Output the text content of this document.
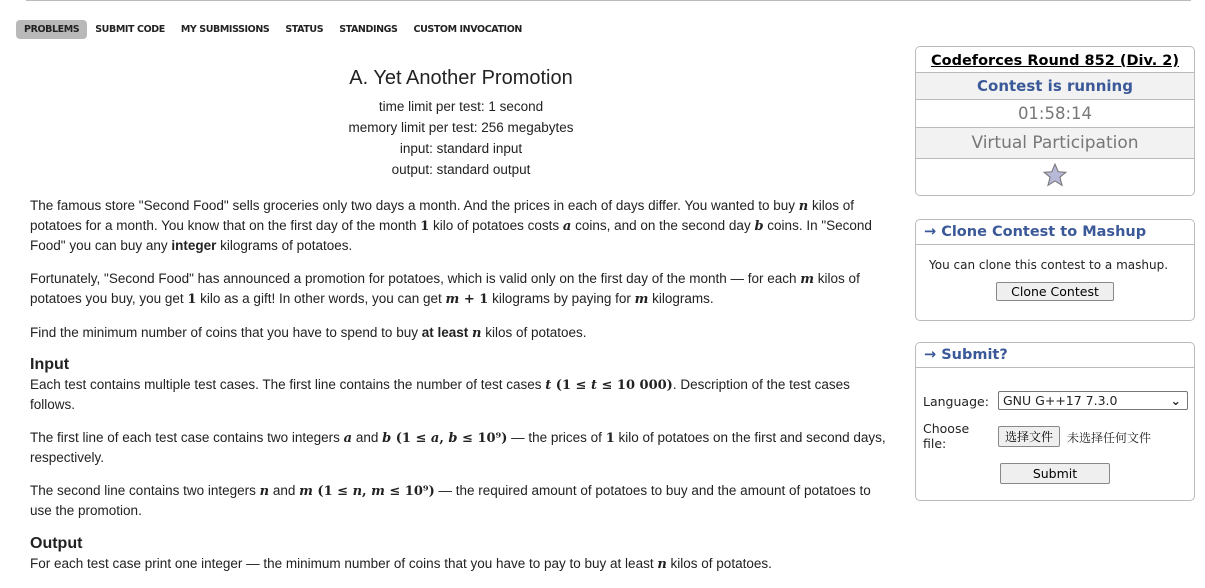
PROBLEMS	SUBMIT CODE	MY SUBMISSIONS	STATUS	STANDINGS	CUSTOM INVOCATION
A. Yet Another Promotion
time limit per test: 1 second
memory limit per test: 256 megabytes
input: standard input
output: standard output

The famous store "Second Food" sells groceries only two days a month. And the prices in each of days differ. You wanted to buy n kilos of potatoes for a month. You know that on the first day of the month 1 kilo of potatoes costs a coins, and on the second day b coins. In "Second Food" you can buy any integer kilograms of potatoes.

Fortunately, "Second Food" has announced a promotion for potatoes, which is valid only on the first day of the month — for each m kilos of potatoes you buy, you get 1 kilo as a gift! In other words, you can get m + 1 kilograms by paying for m kilograms.

Find the minimum number of coins that you have to spend to buy at least n kilos of potatoes.

Input

Each test contains multiple test cases. The first line contains the number of test cases t (1 ≤ t ≤ 10 000). Description of the test cases follows.

The first line of each test case contains two integers a and b (1 ≤ a, b ≤ 10⁹) — the prices of 1 kilo of potatoes on the first and second days, respectively.

The second line contains two integers n and m (1 ≤ n, m ≤ 10⁹) — the required amount of potatoes to buy and the amount of potatoes to use the promotion.

Output

For each test case print one integer — the minimum number of coins that you have to pay to buy at least n kilos of potatoes.

Codeforces Round 852 (Div. 2)
Contest is running
01:58:14
Virtual Participation
→ Clone Contest to Mashup
You can clone this contest to a mashup.
Clone Contest
→ Submit?
Language:	GNU G++17 7.3.0	⌄
Choose file:	选择文件	未选择任何文件
Submit
